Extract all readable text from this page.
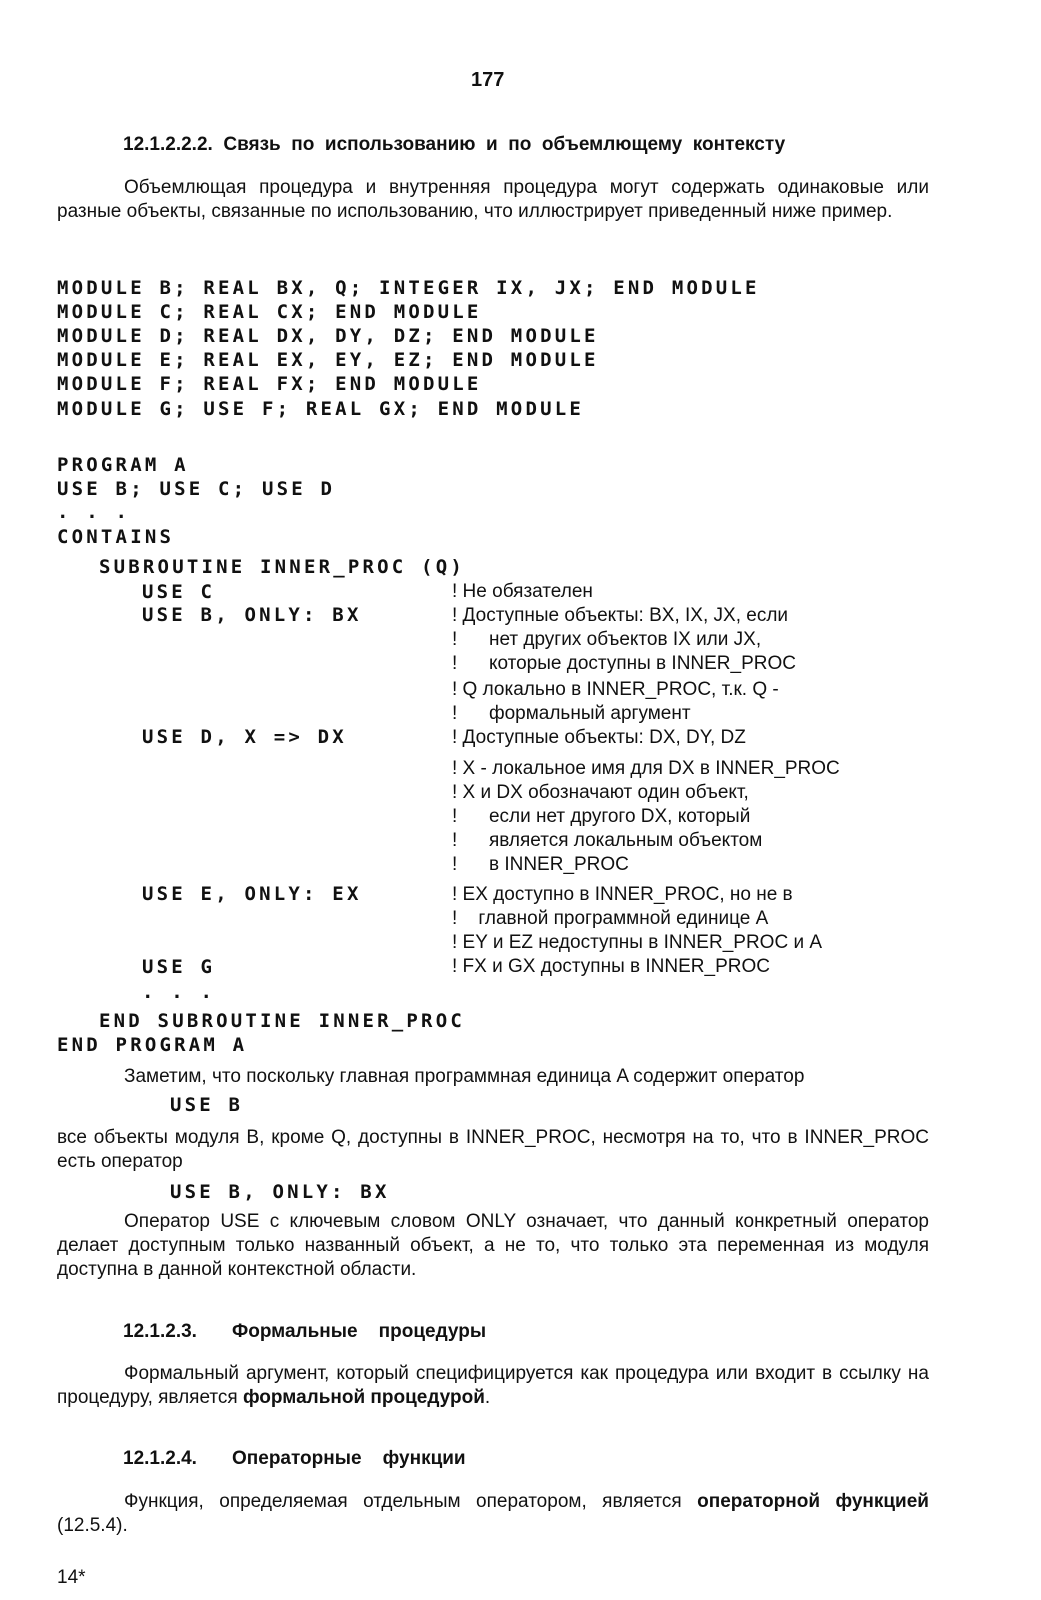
177
12.1.2.2.2.  Связь  по  использованию  и  по  объемлющему  контексту
Объемлющая процедура и внутренняя процедура могут содержать одинаковые или разные объекты, связанные по использованию, что иллюстрирует приведенный ниже пример.
MODULE B; REAL BX, Q; INTEGER IX, JX; END MODULE
MODULE C; REAL CX; END MODULE
MODULE D; REAL DX, DY, DZ; END MODULE
MODULE E; REAL EX, EY, EZ; END MODULE
MODULE F; REAL FX; END MODULE
MODULE G; USE F; REAL GX; END MODULE
PROGRAM A
USE B; USE C; USE D
. . .
CONTAINS
SUBROUTINE INNER_PROC (Q)
USE C
USE B, ONLY: BX
USE D, X => DX
USE E, ONLY: EX
USE G
. . .
END SUBROUTINE INNER_PROC
END PROGRAM A
! Не обязателен
! Доступные объекты: BX, IX, JX, если
!      нет других объектов IX или JX,
!      которые доступны в INNER_PROC
! Q локально в INNER_PROC, т.к. Q -
!      формальный аргумент
! Доступные объекты: DX, DY, DZ
! X - локальное имя для DX в INNER_PROC
! X и DX обозначают один объект,
!      если нет другого DX, который
!      является локальным объектом
!      в INNER_PROC
! EX доступно в INNER_PROC, но не в
!    главной программной единице A
! EY и EZ недоступны в INNER_PROC и A
! FX и GX доступны в INNER_PROC
Заметим, что поскольку главная программная единица A содержит оператор
USE B
все объекты модуля B, кроме Q, доступны в INNER_PROC, несмотря на то, что в INNER_PROC есть оператор
USE B, ONLY: BX
Оператор USE с ключевым словом ONLY означает, что данный конкретный оператор делает доступным только названный объект, а не то, что только эта переменная из модуля доступна в данной контекстной области.
12.1.2.3. Формальные    процедуры
Формальный аргумент, который специфицируется как процедура или входит в ссылку на процедуру, является формальной процедурой.
12.1.2.4. Операторные    функции
Функция, определяемая отдельным оператором, является операторной функцией (12.5.4).
14*
